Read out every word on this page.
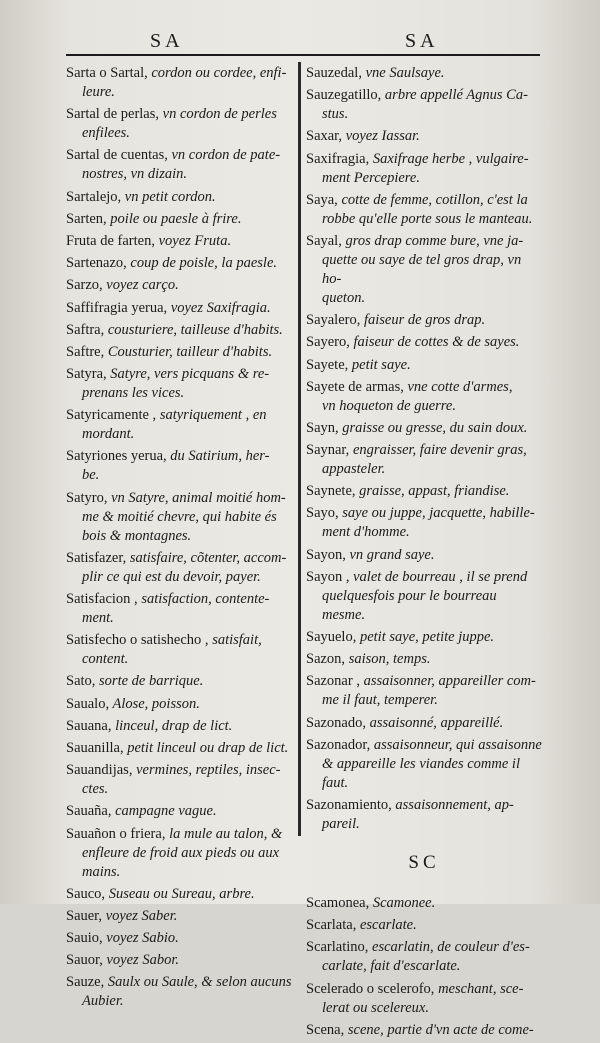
SA	SA
Sarta o Sartal, cordon ou cordee, enfi-
leure.
Sartal de perlas, vn cordon de perles
enfilees.
Sartal de cuentas, vn cordon de pate-
nostres, vn dizain.
Sartalejo, vn petit cordon.
Sarten, poile ou paesle à frire.
Fruta de farten, voyez Fruta.
Sartenazo, coup de poisle, la paesle.
Sarzo, voyez carço.
Saffifragia yerua, voyez Saxifragia.
Saftra, cousturiere, tailleuse d'habits.
Saftre, Cousturier, tailleur d'habits.
Satyra, Satyre, vers picquans & re-
prenans les vices.
Satyricamente , satyriquement , en
mordant.
Satyriones yerua, du Satirium, her-
be.
Satyro, vn Satyre, animal moitié hom-
me & moitié chevre, qui habite és
bois & montagnes.
Satisfazer, satisfaire, cõtenter, accom-
plir ce qui est du devoir, payer.
Satisfacion , satisfaction, contente-
ment.
Satisfecho o satishecho , satisfait,
content.
Sato, sorte de barrique.
Saualo, Alose, poisson.
Sauana, linceul, drap de lict.
Sauanilla, petit linceul ou drap de lict.
Sauandijas, vermines, reptiles, insec-
ctes.
Sauaña, campagne vague.
Sauañon o friera, la mule au talon, &
enfleure de froid aux pieds ou aux
mains.
Sauco, Suseau ou Sureau, arbre.
Sauer, voyez Saber.
Sauio, voyez Sabio.
Sauor, voyez Sabor.
Sauze, Saulx ou Saule, & selon aucuns
Aubier.
Sauzedal, vne Saulsaye.
Sauzegatillo, arbre appellé Agnus Ca-
stus.
Saxar, voyez Iassar.
Saxifragia, Saxifrage herbe , vulgaire-
ment Percepiere.
Saya, cotte de femme, cotillon, c'est la
robbe qu'elle porte sous le manteau.
Sayal, gros drap comme bure, vne ja-
quette ou saye de tel gros drap, vn ho-
queton.
Sayalero, faiseur de gros drap.
Sayero, faiseur de cottes & de sayes.
Sayete, petit saye.
Sayete de armas, vne cotte d'armes,
vn hoqueton de guerre.
Sayn, graisse ou gresse, du sain doux.
Saynar, engraisser, faire devenir gras,
appasteler.
Saynete, graisse, appast, friandise.
Sayo, saye ou juppe, jacquette, habille-
ment d'homme.
Sayon, vn grand saye.
Sayon , valet de bourreau , il se prend
quelquesfois pour le bourreau mesme.
Sayuelo, petit saye, petite juppe.
Sazon, saison, temps.
Sazonar , assaisonner, appareiller com-
me il faut, temperer.
Sazonado, assaisonné, appareillé.
Sazonador, assaisonneur, qui assaisonne
& appareille les viandes comme il
faut.
Sazonamiento, assaisonnement, ap-
pareil.
SC
Scamonea, Scamonee.
Scarlata, escarlate.
Scarlatino, escarlatin, de couleur d'es-
carlate, fait d'escarlate.
Scelerado o scelerofo, meschant, sce-
lerat ou scelereux.
Scena, scene, partie d'vn acte de come-
